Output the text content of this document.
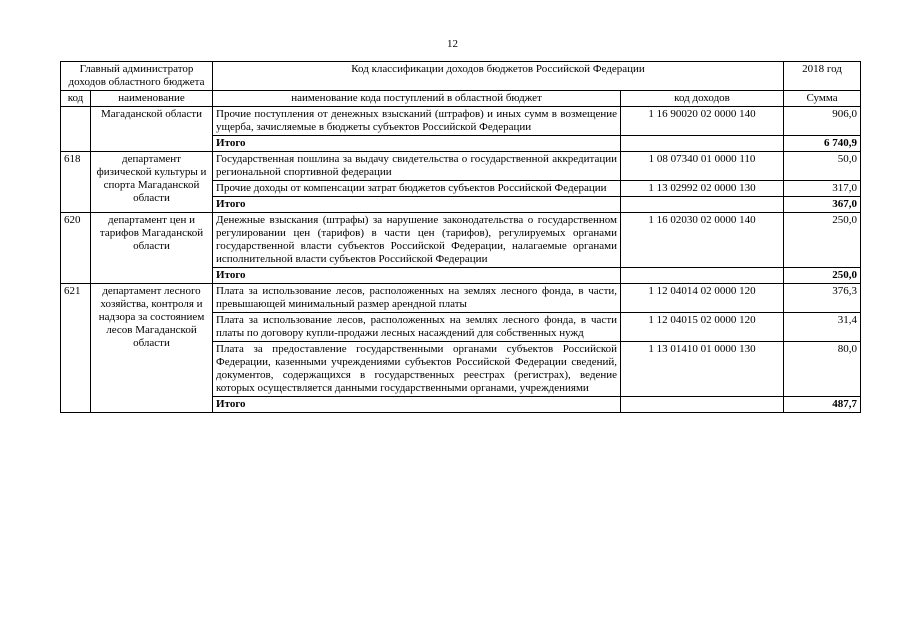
12
Главный администратор доходов областного бюджета		Код классификации доходов бюджетов Российской Федерации		2018 год
код	наименование	наименование кода поступлений в областной бюджет	код доходов	Сумма
	Магаданской области	Прочие поступления от денежных взысканий (штрафов) и иных сумм в возмещение ущерба, зачисляемые в бюджеты субъектов Российской Федерации	1 16 90020 02 0000 140	906,0
		Итого		6 740,9
618	департамент физической культуры и спорта Магаданской области	Государственная пошлина за выдачу свидетельства о государственной аккредитации региональной спортивной федерации	1 08 07340 01 0000 110	50,0
		Прочие доходы от компенсации затрат бюджетов субъектов Российской Федерации	1 13 02992 02 0000 130	317,0
		Итого		367,0
620	департамент цен и тарифов Магаданской области	Денежные взыскания (штрафы) за нарушение законодательства о государственном регулировании цен (тарифов) в части цен (тарифов), регулируемых органами государственной власти субъектов Российской Федерации, налагаемые органами исполнительной власти субъектов Российской Федерации	1 16 02030 02 0000 140	250,0
		Итого		250,0
621	департамент лесного хозяйства, контроля и надзора за состоянием лесов Магаданской области	Плата за использование лесов, расположенных на землях лесного фонда, в части, превышающей минимальный размер арендной платы	1 12 04014 02 0000 120	376,3
		Плата за использование лесов, расположенных на землях лесного фонда, в части платы по договору купли-продажи лесных насаждений для собственных нужд	1 12 04015 02 0000 120	31,4
		Плата за предоставление государственными органами субъектов Российской Федерации, казенными учреждениями субъектов Российской Федерации сведений, документов, содержащихся в государственных реестрах (регистрах), ведение которых осуществляется данными государственными органами, учреждениями	1 13 01410 01 0000 130	80,0
		Итого		487,7
